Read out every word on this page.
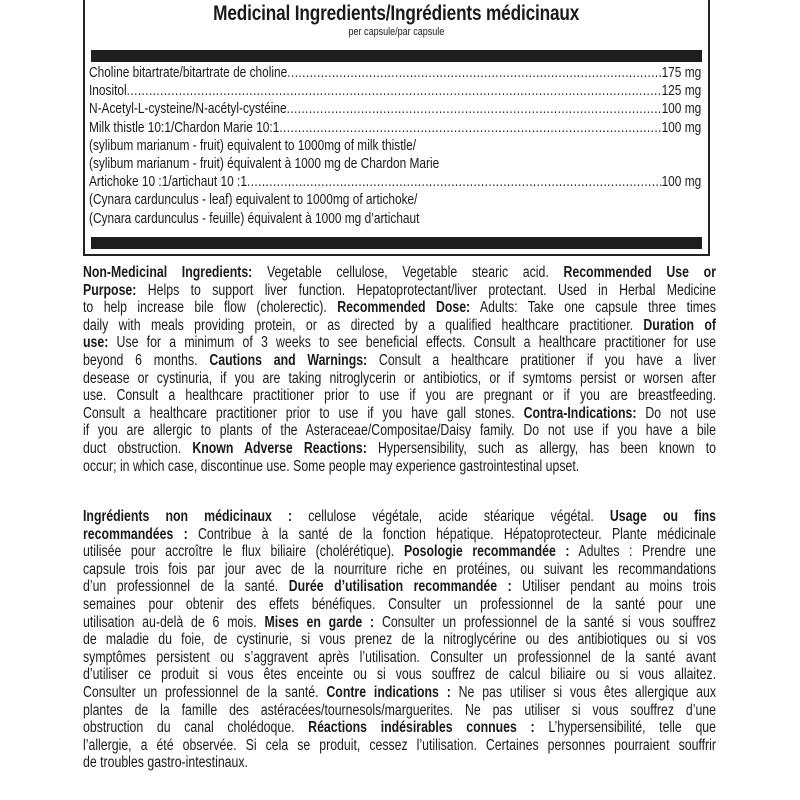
Medicinal Ingredients/Ingrédients médicinaux
per capsule/par capsule
Choline bitartrate/bitartrate de choline .....	175 mg
Inositol .....	125 mg
N-Acetyl-L-cysteine/N-acétyl-cystéine .....	100 mg
Milk thistle 10:1/Chardon Marie 10:1 .....	100 mg
(sylibum marianum - fruit) equivalent to 1000mg of milk thistle/
(sylibum marianum - fruit) équivalent à 1000 mg de Chardon Marie
Artichoke 10 :1/artichaut 10 :1 .....	100 mg
(Cynara cardunculus - leaf) equivalent to 1000mg of artichoke/
(Cynara cardunculus - feuille) équivalent à 1000 mg d’artichaut
Non-Medicinal Ingredients: Vegetable cellulose, Vegetable stearic acid. Recommended Use or
Purpose: Helps to support liver function. Hepatoprotectant/liver protectant. Used in Herbal Medicine
to help increase bile flow (cholerectic). Recommended Dose: Adults: Take one capsule three times
daily with meals providing protein, or as directed by a qualified healthcare practitioner. Duration of
use: Use for a minimum of 3 weeks to see beneficial effects. Consult a healthcare practitioner for use
beyond 6 months. Cautions and Warnings: Consult a healthcare pratitioner if you have a liver
desease or cystinuria, if you are taking nitroglycerin or antibiotics, or if symtoms persist or worsen after
use. Consult a healthcare practitioner prior to use if you are pregnant or if you are breastfeeding.
Consult a healthcare practitioner prior to use if you have gall stones. Contra-Indications: Do not use
if you are allergic to plants of the Asteraceae/Compositae/Daisy family. Do not use if you have a bile
duct obstruction. Known Adverse Reactions: Hypersensibility, such as allergy, has been known to
occur; in which case, discontinue use. Some people may experience gastrointestinal upset.
Ingrédients non médicinaux : cellulose végétale, acide stéarique végétal. Usage ou fins
recommandées : Contribue à la santé de la fonction hépatique. Hépatoprotecteur. Plante médicinale
utilisée pour accroître le flux biliaire (cholérétique). Posologie recommandée : Adultes : Prendre une
capsule trois fois par jour avec de la nourriture riche en protéines, ou suivant les recommandations
d’un professionnel de la santé. Durée d’utilisation recommandée : Utiliser pendant au moins trois
semaines pour obtenir des effets bénéfiques. Consulter un professionnel de la santé pour une
utilisation au-delà de 6 mois. Mises en garde : Consulter un professionnel de la santé si vous souffrez
de maladie du foie, de cystinurie, si vous prenez de la nitroglycérine ou des antibiotiques ou si vos
symptômes persistent ou s’aggravent après l’utilisation. Consulter un professionnel de la santé avant
d’utiliser ce produit si vous êtes enceinte ou si vous souffrez de calcul biliaire ou si vous allaitez.
Consulter un professionnel de la santé. Contre indications : Ne pas utiliser si vous êtes allergique aux
plantes de la famille des astéracées/tournesols/marguerites. Ne pas utiliser si vous souffrez d’une
obstruction du canal cholédoque. Réactions indésirables connues : L’hypersensibilité, telle que
l’allergie, a été observée. Si cela se produit, cessez l’utilisation. Certaines personnes pourraient souffrir
de troubles gastro-intestinaux.
